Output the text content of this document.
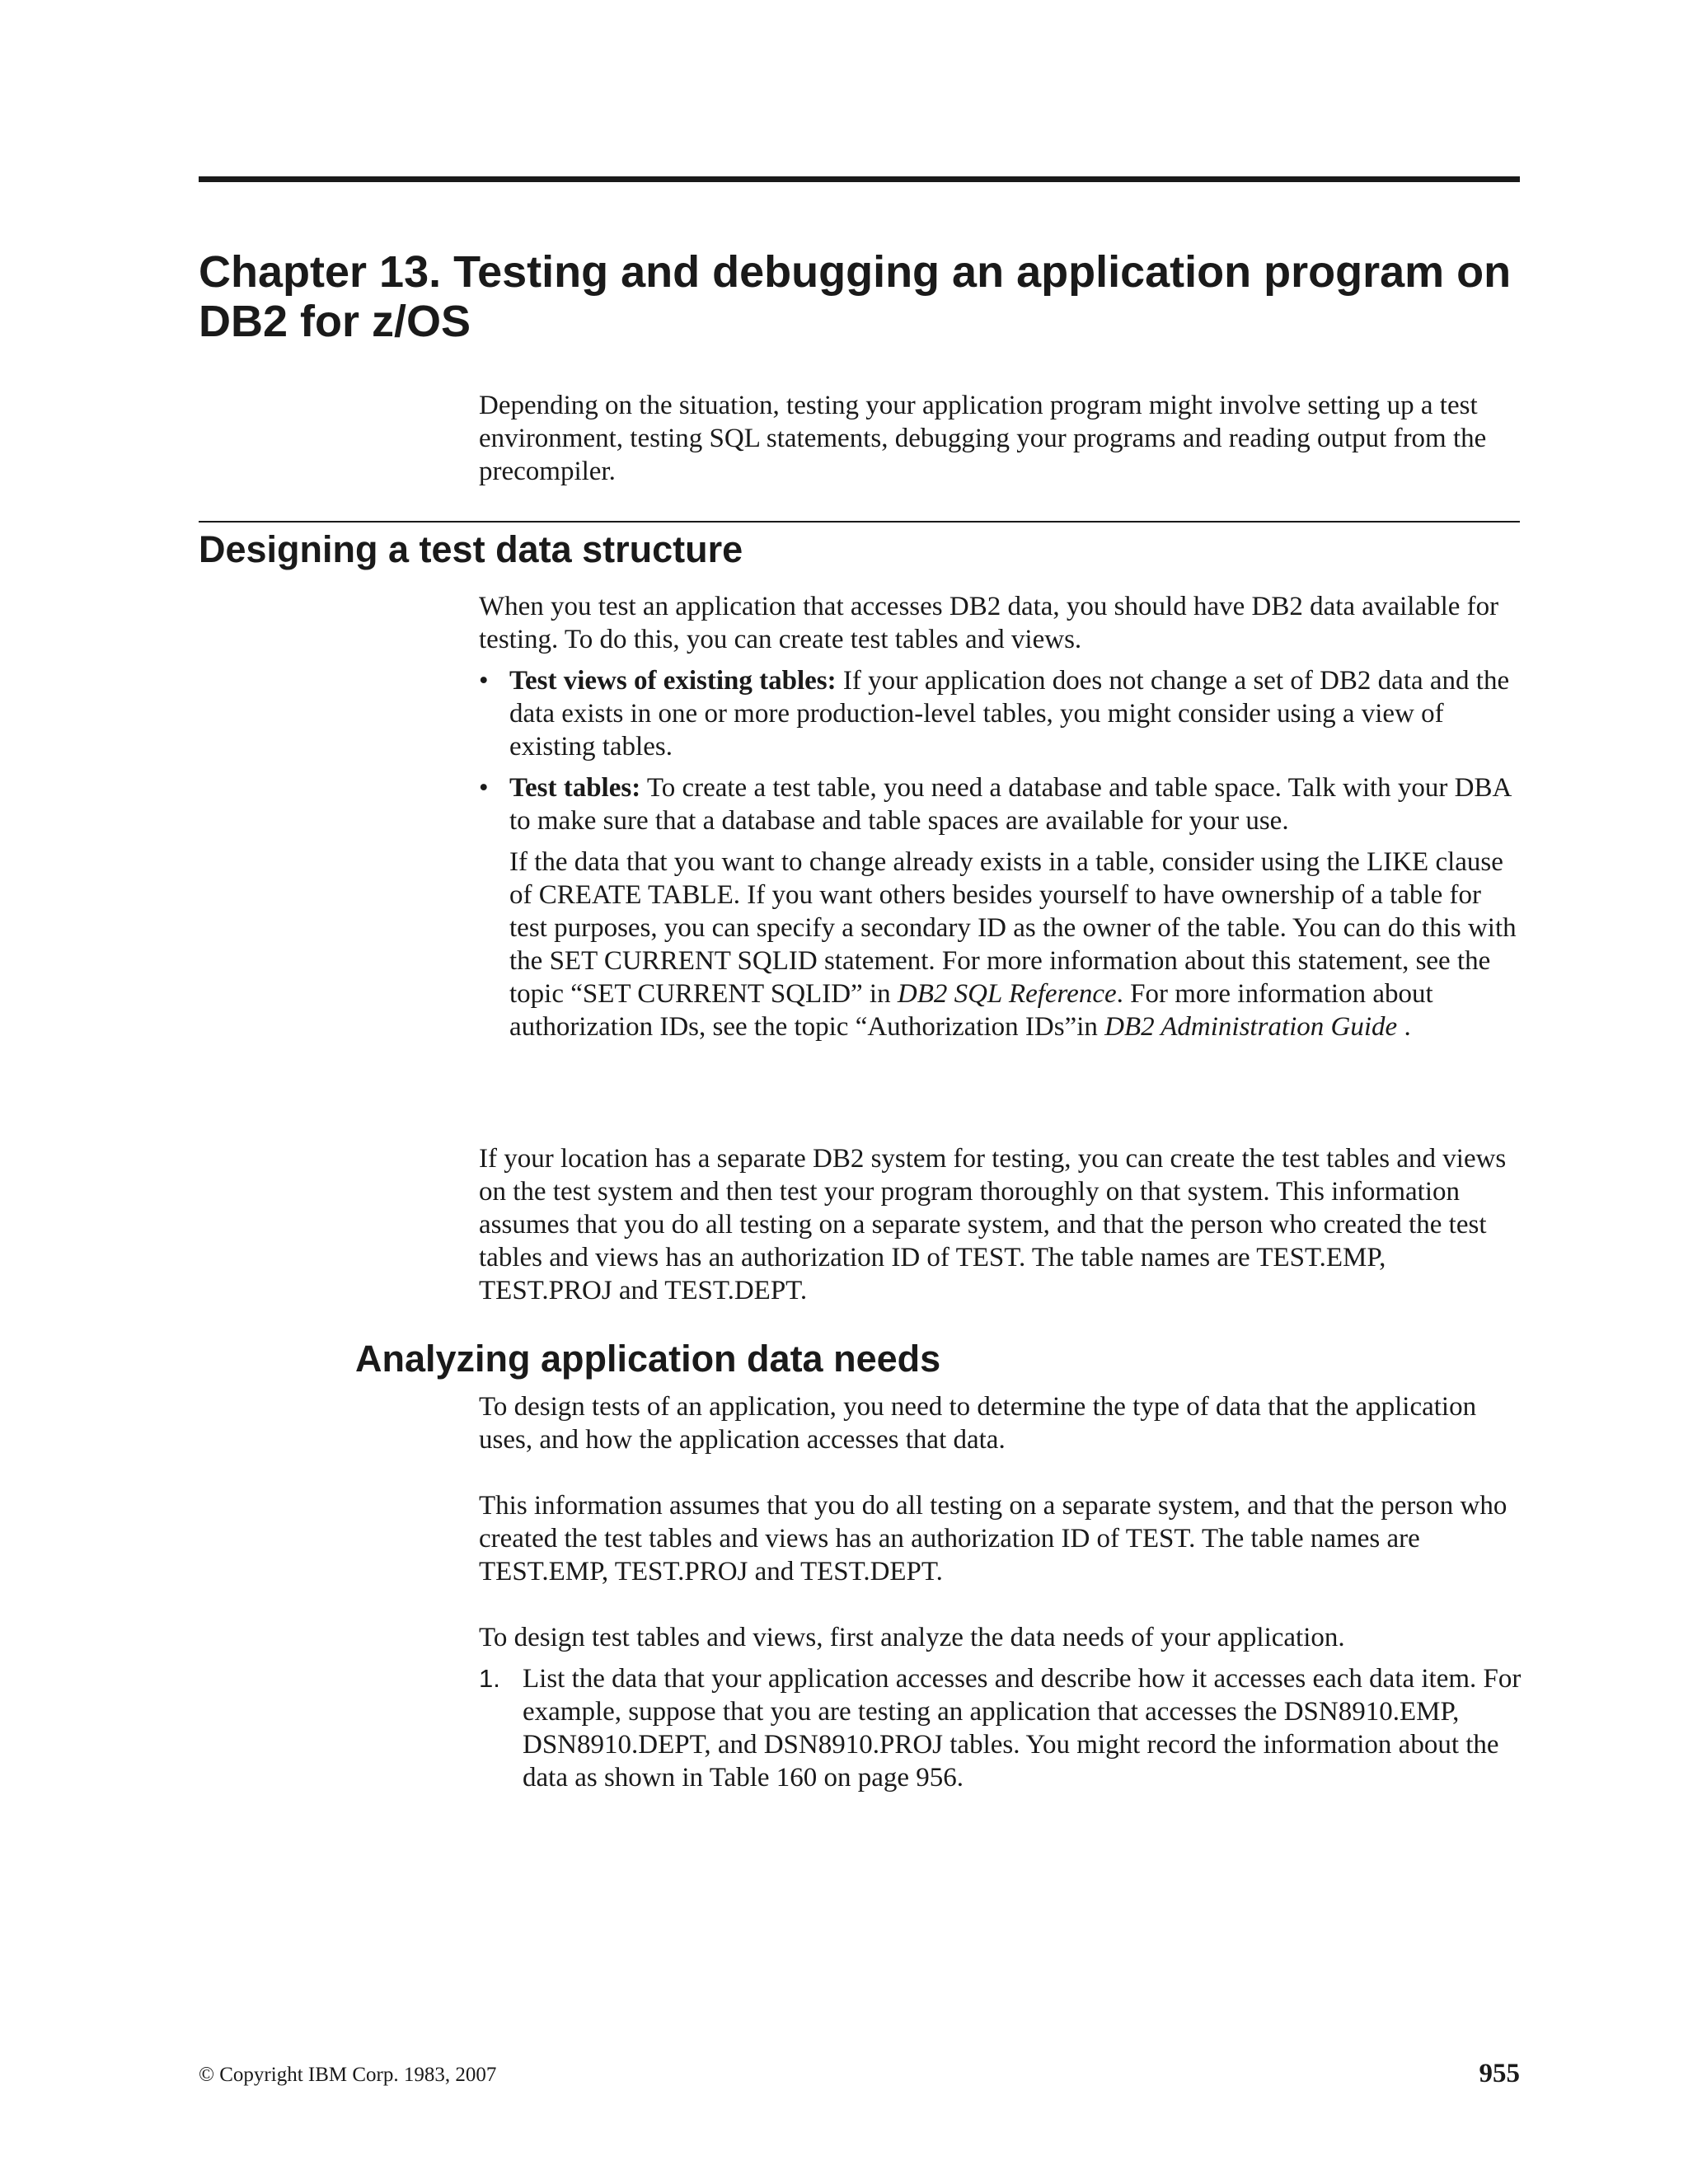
Chapter 13. Testing and debugging an application program on DB2 for z/OS

Depending on the situation, testing your application program might involve setting up a test environment, testing SQL statements, debugging your programs and reading output from the precompiler.

Designing a test data structure

When you test an application that accesses DB2 data, you should have DB2 data available for testing. To do this, you can create test tables and views.

• Test views of existing tables: If your application does not change a set of DB2 data and the data exists in one or more production-level tables, you might consider using a view of existing tables.

• Test tables: To create a test table, you need a database and table space. Talk with your DBA to make sure that a database and table spaces are available for your use.

If the data that you want to change already exists in a table, consider using the LIKE clause of CREATE TABLE. If you want others besides yourself to have ownership of a table for test purposes, you can specify a secondary ID as the owner of the table. You can do this with the SET CURRENT SQLID statement. For more information about this statement, see the topic “SET CURRENT SQLID” in DB2 SQL Reference. For more information about authorization IDs, see the topic “Authorization IDs”in DB2 Administration Guide .

If your location has a separate DB2 system for testing, you can create the test tables and views on the test system and then test your program thoroughly on that system. This information assumes that you do all testing on a separate system, and that the person who created the test tables and views has an authorization ID of TEST. The table names are TEST.EMP, TEST.PROJ and TEST.DEPT.

Analyzing application data needs

To design tests of an application, you need to determine the type of data that the application uses, and how the application accesses that data.

This information assumes that you do all testing on a separate system, and that the person who created the test tables and views has an authorization ID of TEST. The table names are TEST.EMP, TEST.PROJ and TEST.DEPT.

To design test tables and views, first analyze the data needs of your application.

1. List the data that your application accesses and describe how it accesses each data item. For example, suppose that you are testing an application that accesses the DSN8910.EMP, DSN8910.DEPT, and DSN8910.PROJ tables. You might record the information about the data as shown in Table 160 on page 956.

© Copyright IBM Corp. 1983, 2007	955
